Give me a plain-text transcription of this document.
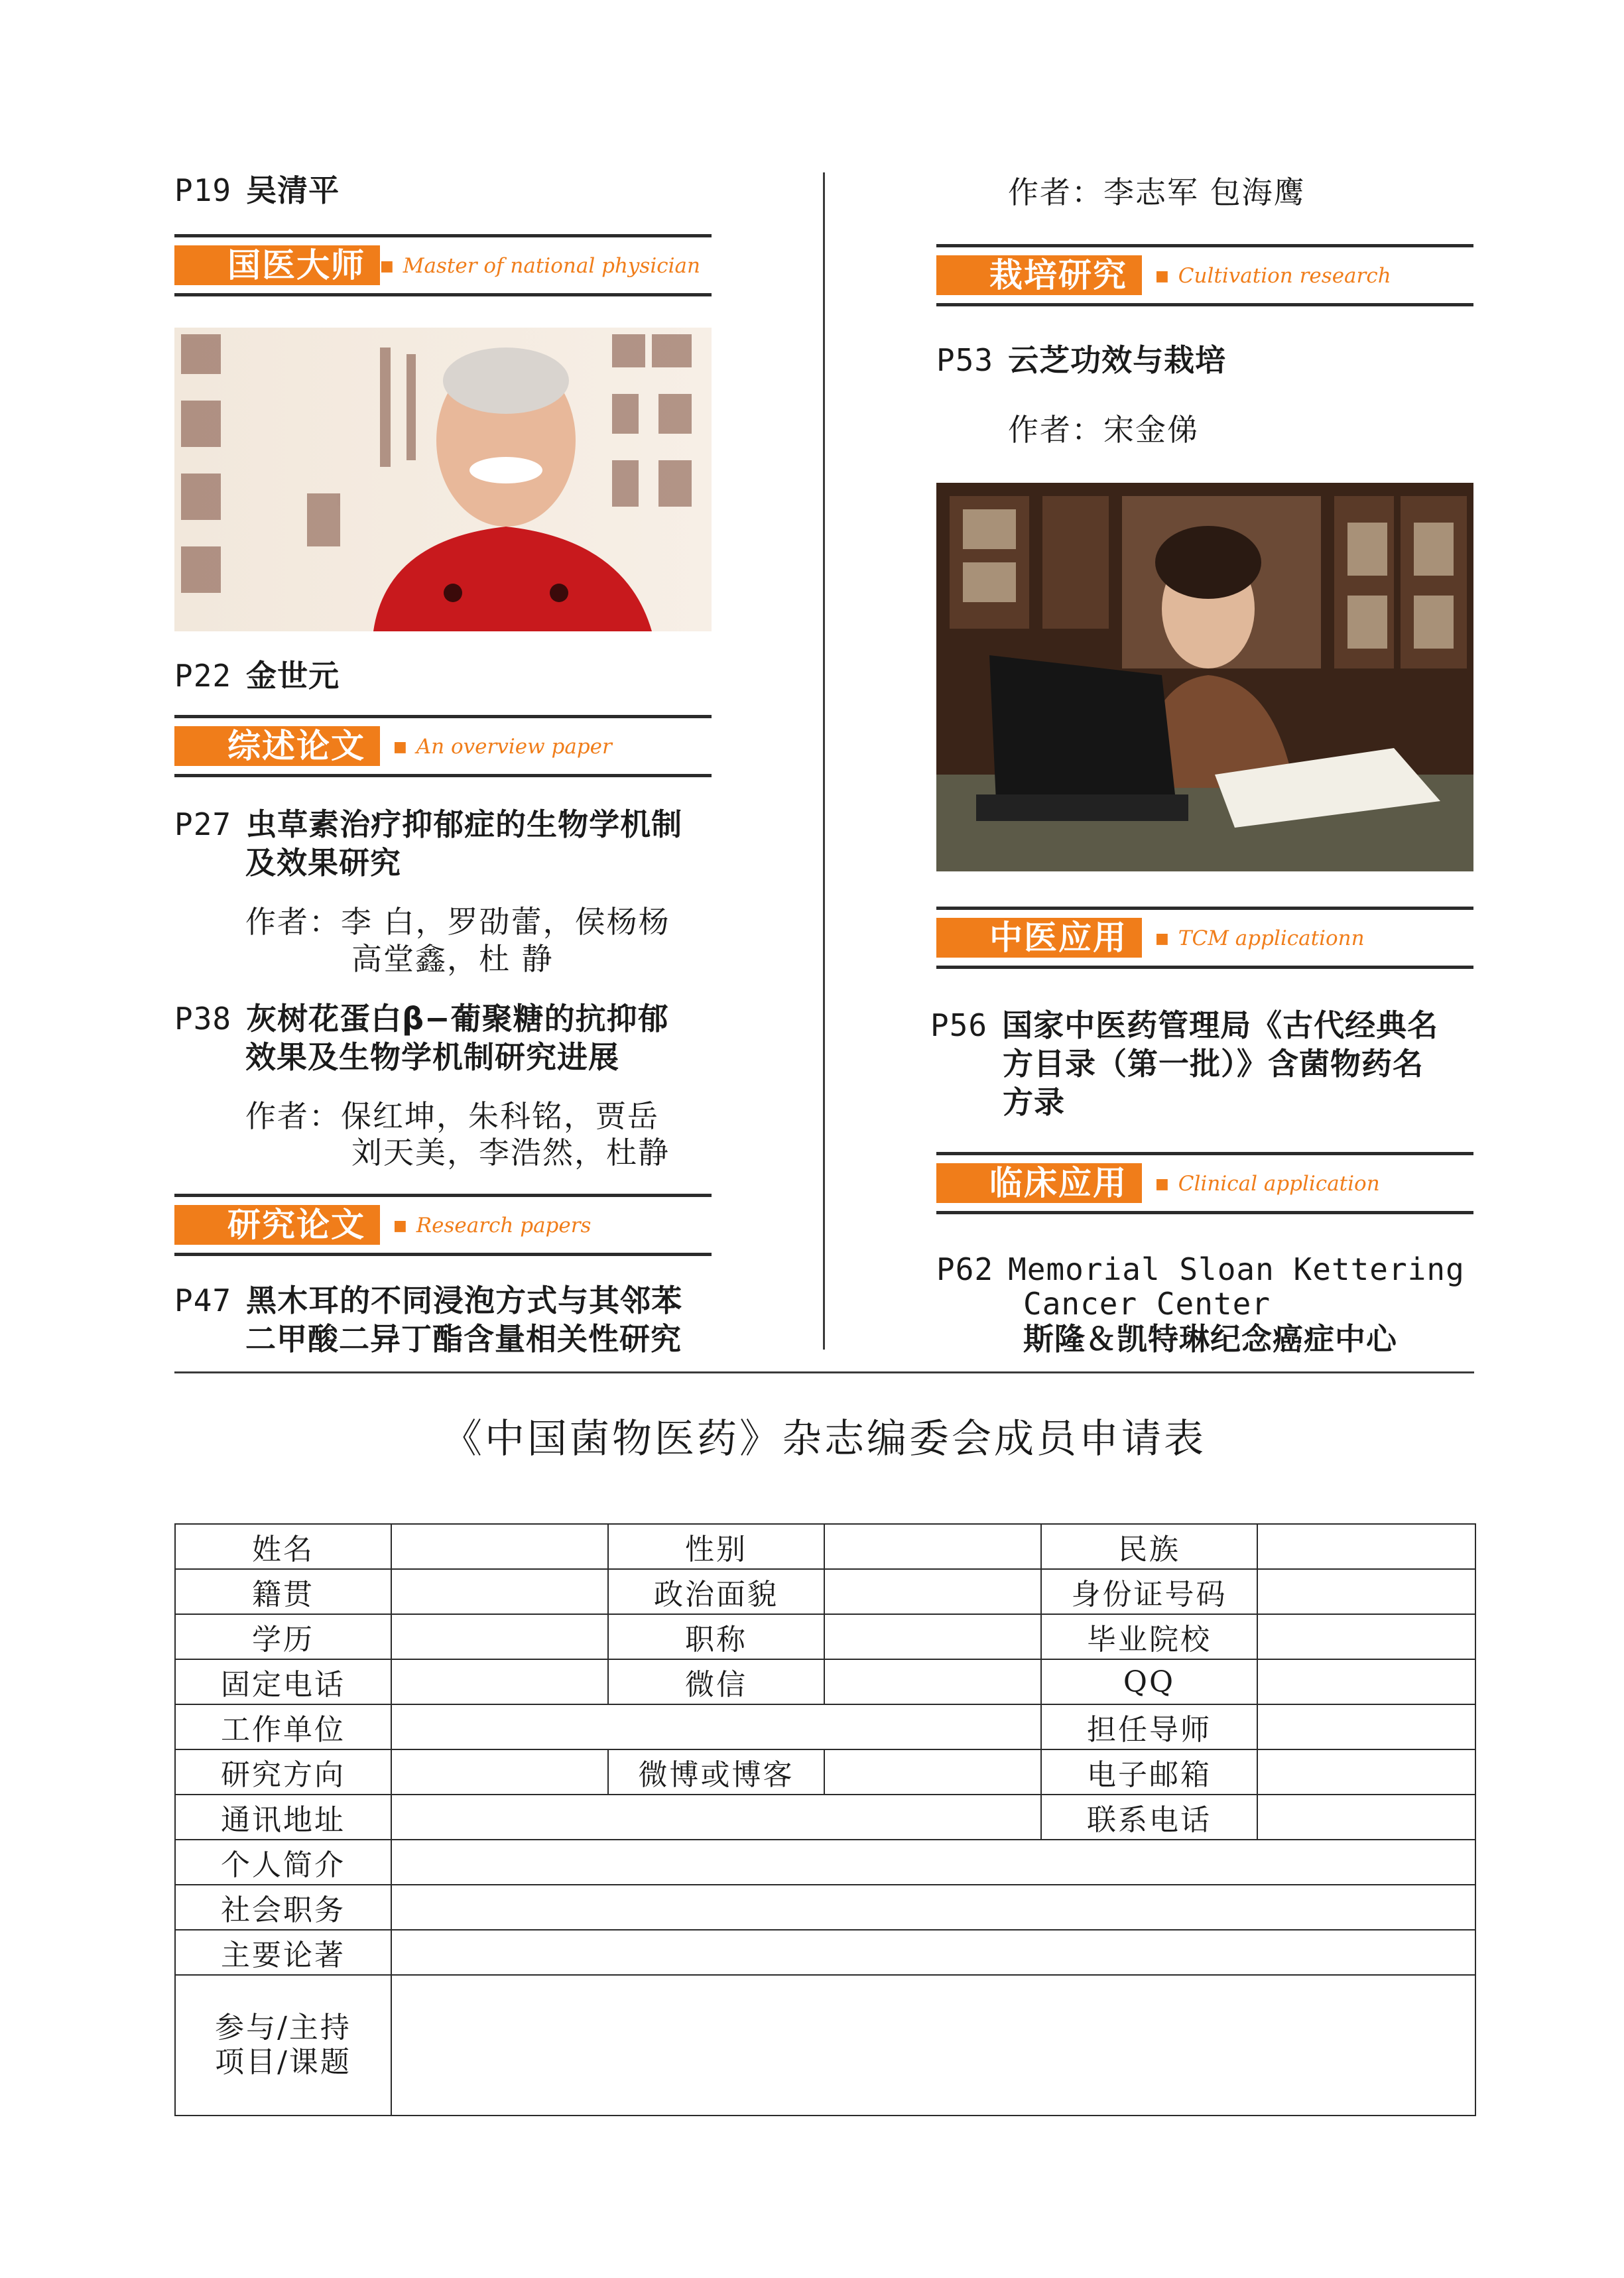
P19 吴清平
国医大师	■ Master of national physician
P22 金世元
综述论文	■ An overview paper
P27 虫草素治疗抑郁症的生物学机制
及效果研究
作者：李 白，罗劭蕾，侯杨杨
高堂鑫，杜 静
P38 灰树花蛋白β−葡聚糖的抗抑郁
效果及生物学机制研究进展
作者：保红坤，朱科铭，贾岳
刘天美，李浩然，杜静
研究论文	■ Research papers
P47 黑木耳的不同浸泡方式与其邻苯
二甲酸二异丁酯含量相关性研究
作者：李志军 包海鹰
栽培研究	■ Cultivation research
P53 云芝功效与栽培
作者：宋金俤
中医应用	■ TCM applicationn
P56 国家中医药管理局《古代经典名
方目录（第一批）》含菌物药名
方录
临床应用	■ Clinical application
P62 Memorial Sloan Kettering
Cancer Center
斯隆＆凯特琳纪念癌症中心
《中国菌物医药》杂志编委会成员申请表
姓名		性别		民族	
籍贯		政治面貌		身份证号码	
学历		职称		毕业院校	
固定电话		微信		QQ	
工作单位				担任导师	
研究方向		微博或博客		电子邮箱	
通讯地址				联系电话	
个人简介					
社会职务					
主要论著					
参与/主持
项目/课题					
